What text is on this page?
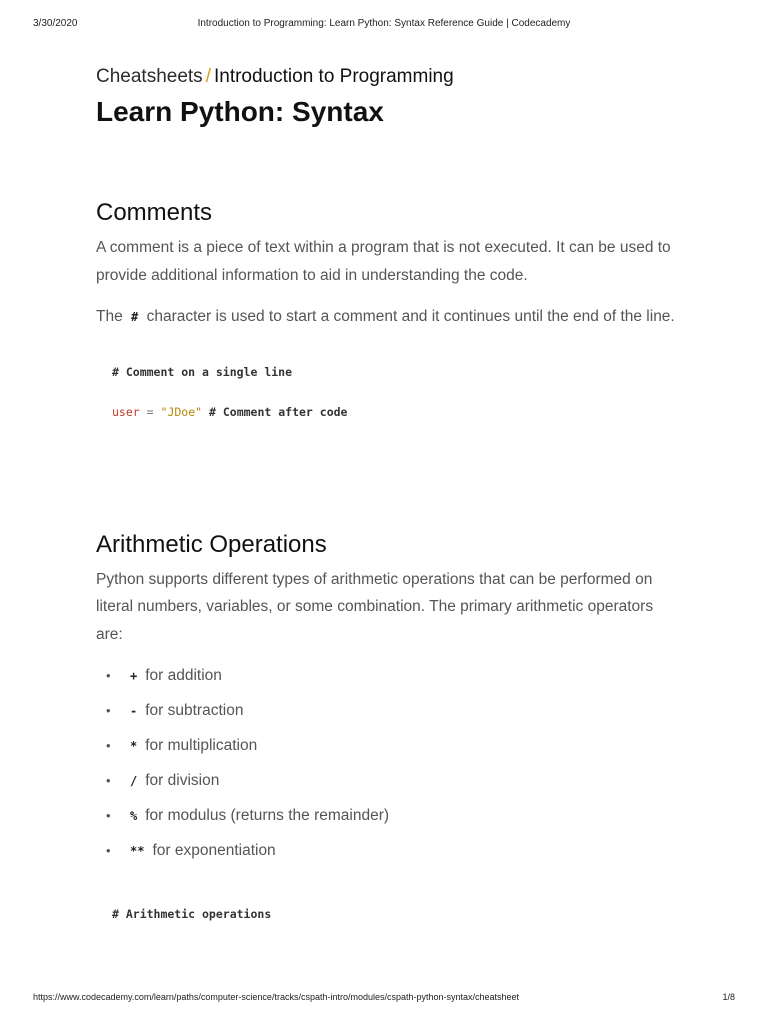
3/30/2020	Introduction to Programming: Learn Python: Syntax Reference Guide | Codecademy
Cheatsheets / Introduction to Programming
Learn Python: Syntax
Comments

A comment is a piece of text within a program that is not executed. It can be used to provide additional information to aid in understanding the code.

The # character is used to start a comment and it continues until the end of the line.

# Comment on a single line
user = "JDoe" # Comment after code
Arithmetic Operations

Python supports different types of arithmetic operations that can be performed on literal numbers, variables, or some combination. The primary arithmetic operators are:

• + for addition
• - for subtraction
• * for multiplication
• / for division
• % for modulus (returns the remainder)
• ** for exponentiation
# Arithmetic operations
https://www.codecademy.com/learn/paths/computer-science/tracks/cspath-intro/modules/cspath-python-syntax/cheatsheet	1/8
